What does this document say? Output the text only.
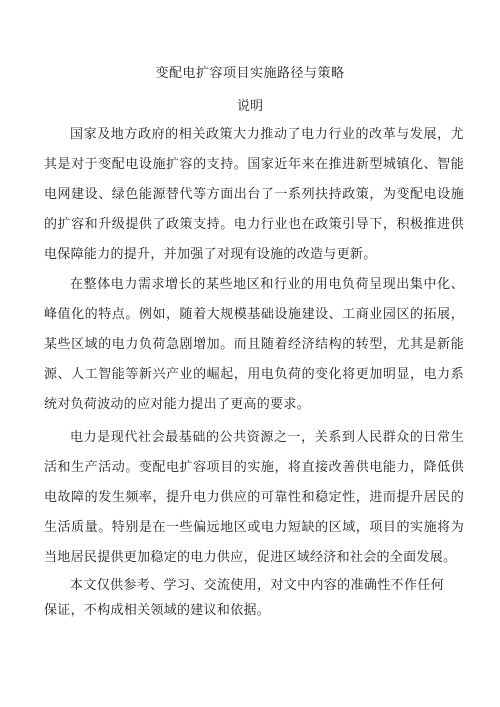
变配电扩容项目实施路径与策略
说明

国家及地方政府的相关政策大力推动了电力行业的改革与发展，尤其是对于变配电设施扩容的支持。国家近年来在推进新型城镇化、智能电网建设、绿色能源替代等方面出台了一系列扶持政策，为变配电设施的扩容和升级提供了政策支持。电力行业也在政策引导下，积极推进供电保障能力的提升，并加强了对现有设施的改造与更新。

在整体电力需求增长的某些地区和行业的用电负荷呈现出集中化、峰值化的特点。例如，随着大规模基础设施建设、工商业园区的拓展，某些区域的电力负荷急剧增加。而且随着经济结构的转型，尤其是新能源、人工智能等新兴产业的崛起，用电负荷的变化将更加明显，电力系统对负荷波动的应对能力提出了更高的要求。

电力是现代社会最基础的公共资源之一，关系到人民群众的日常生活和生产活动。变配电扩容项目的实施，将直接改善供电能力，降低供电故障的发生频率，提升电力供应的可靠性和稳定性，进而提升居民的生活质量。特别是在一些偏远地区或电力短缺的区域，项目的实施将为当地居民提供更加稳定的电力供应，促进区域经济和社会的全面发展。

本文仅供参考、学习、交流使用，对文中内容的准确性不作任何保证，不构成相关领域的建议和依据。
